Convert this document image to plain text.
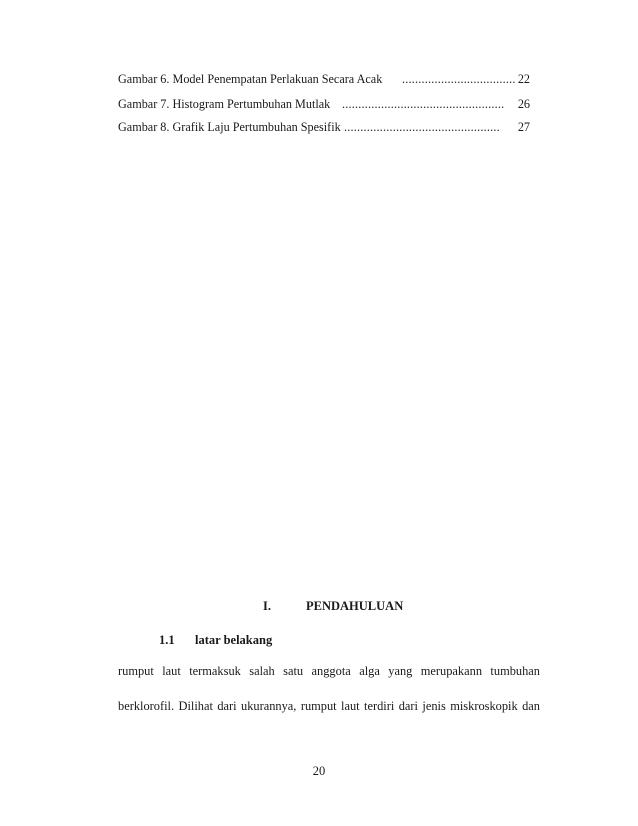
Gambar 6. Model Penempatan Perlakuan Secara Acak ................................... 22
Gambar 7. Histogram Pertumbuhan Mutlak ..................................................	26
Gambar 8. Grafik Laju Pertumbuhan Spesifik ................................................	27
I.	PENDAHULUAN
1.1 latar belakang
rumput laut termaksuk salah satu anggota alga yang merupakann tumbuhan
berklorofil. Dilihat dari ukurannya, rumput laut terdiri dari jenis miskroskopik dan
20
